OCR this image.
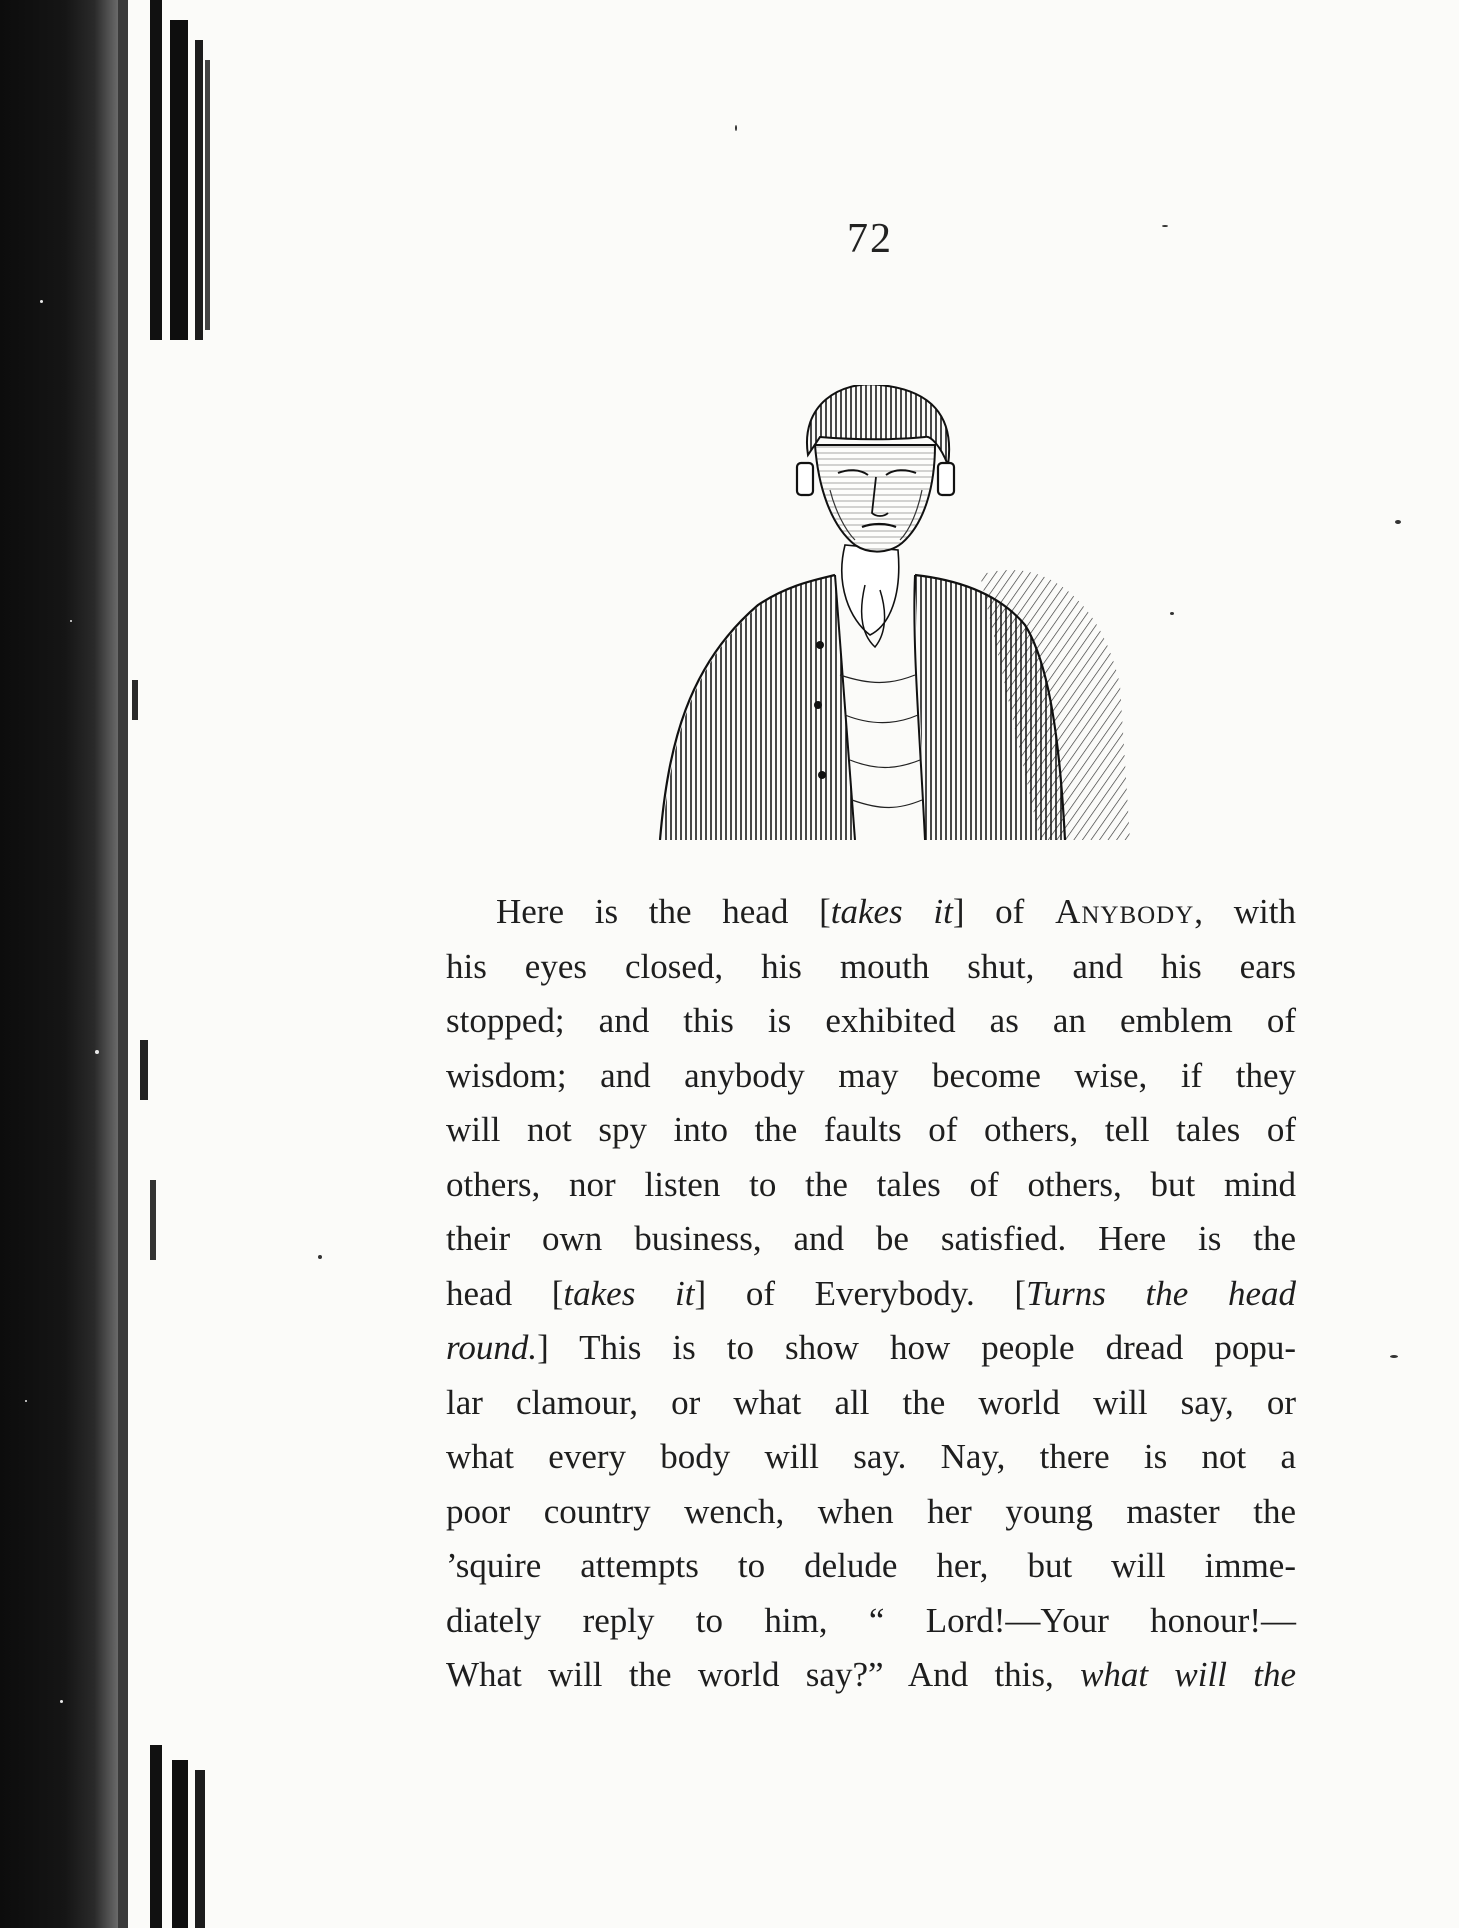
72
Here is the head [takes it] of Anybody, with
his eyes closed, his mouth shut, and his ears
stopped; and this is exhibited as an emblem of
wisdom; and anybody may become wise, if they
will not spy into the faults of others, tell tales of
others, nor listen to the tales of others, but mind
their own business, and be satisfied. Here is the
head [takes it] of Everybody. [Turns the head
round.] This is to show how people dread popu-
lar clamour, or what all the world will say, or
what every body will say. Nay, there is not a
poor country wench, when her young master the
’squire attempts to delude her, but will imme-
diately reply to him, “ Lord!—Your honour!—
What will the world say?” And this, what will the
